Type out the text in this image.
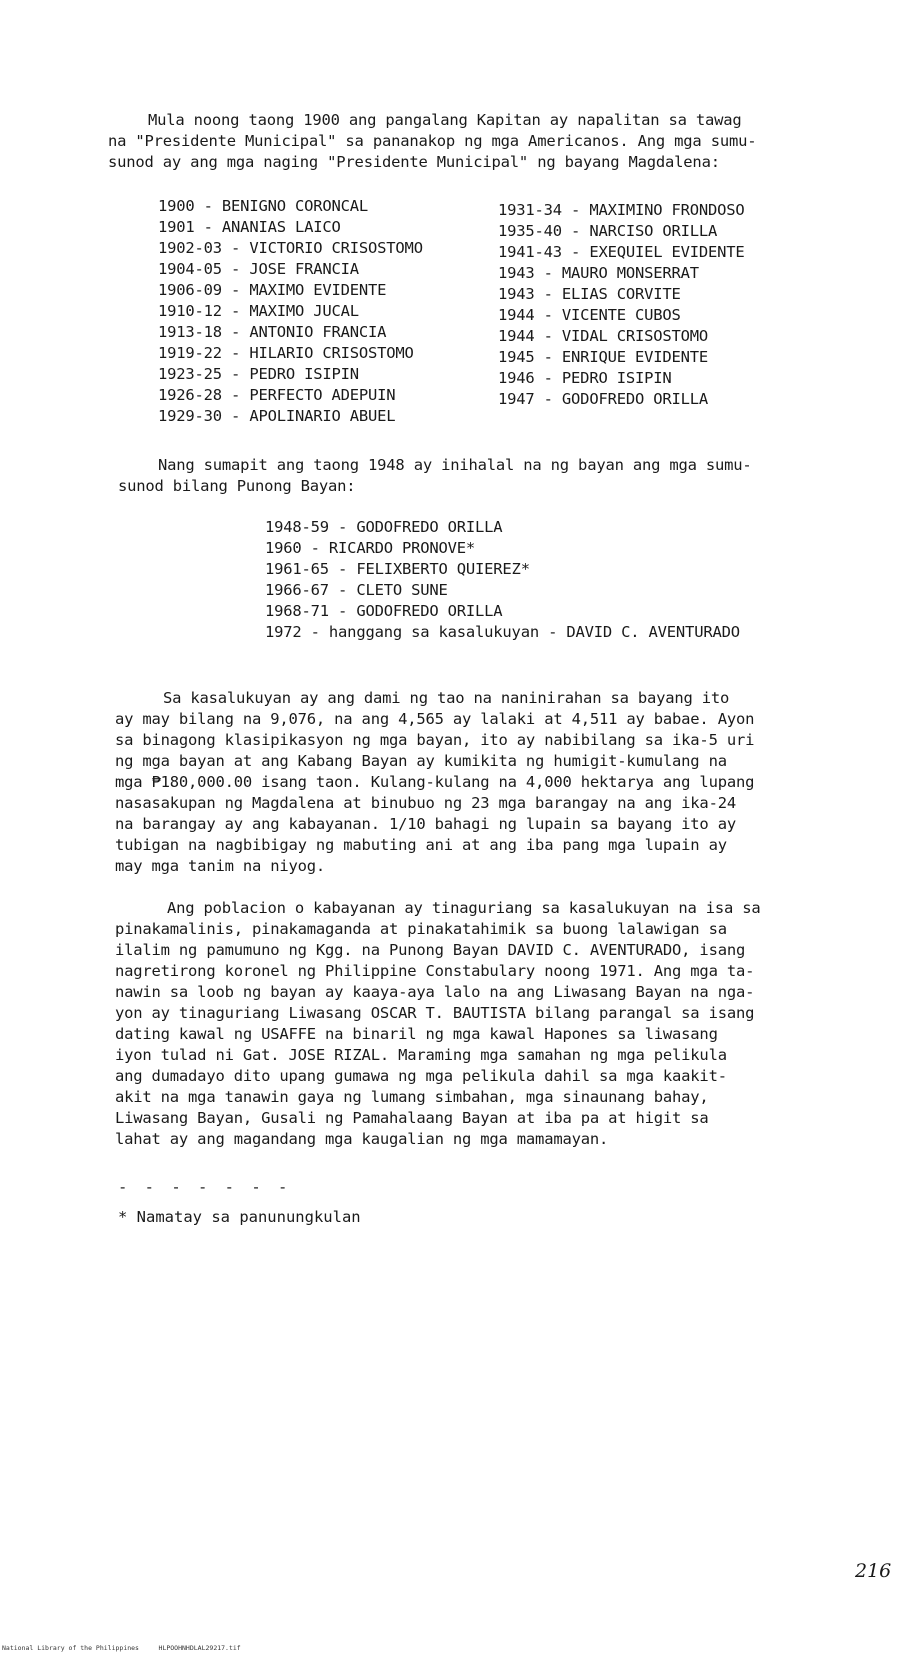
Mula noong taong 1900 ang pangalang Kapitan ay napalitan sa tawag
na "Presidente Municipal" sa pananakop ng mga Americanos. Ang mga sumu-
sunod ay ang mga naging "Presidente Municipal" ng bayang Magdalena:

1900 - BENIGNO CORONCAL
1901 - ANANIAS LAICO
1902-03 - VICTORIO CRISOSTOMO
1904-05 - JOSE FRANCIA
1906-09 - MAXIMO EVIDENTE
1910-12 - MAXIMO JUCAL
1913-18 - ANTONIO FRANCIA
1919-22 - HILARIO CRISOSTOMO
1923-25 - PEDRO ISIPIN
1926-28 - PERFECTO ADEPUIN
1929-30 - APOLINARIO ABUEL
1931-34 - MAXIMINO FRONDOSO
1935-40 - NARCISO ORILLA
1941-43 - EXEQUIEL EVIDENTE
1943 - MAURO MONSERRAT
1943 - ELIAS CORVITE
1944 - VICENTE CUBOS
1944 - VIDAL CRISOSTOMO
1945 - ENRIQUE EVIDENTE
1946 - PEDRO ISIPIN
1947 - GODOFREDO ORILLA

Nang sumapit ang taong 1948 ay inihalal na ng bayan ang mga sumu-
sunod bilang Punong Bayan:

1948-59 - GODOFREDO ORILLA
1960 - RICARDO PRONOVE*
1961-65 - FELIXBERTO QUIEREZ*
1966-67 - CLETO SUNE
1968-71 - GODOFREDO ORILLA
1972 - hanggang sa kasalukuyan - DAVID C. AVENTURADO

Sa kasalukuyan ay ang dami ng tao na naninirahan sa bayang ito
ay may bilang na 9,076, na ang 4,565 ay lalaki at 4,511 ay babae. Ayon
sa binagong klasipikasyon ng mga bayan, ito ay nabibilang sa ika-5 uri
ng mga bayan at ang Kabang Bayan ay kumikita ng humigit-kumulang na
mga ₱180,000.00 isang taon. Kulang-kulang na 4,000 hektarya ang lupang
nasasakupan ng Magdalena at binubuo ng 23 mga barangay na ang ika-24
na barangay ay ang kabayanan. 1/10 bahagi ng lupain sa bayang ito ay
tubigan na nagbibigay ng mabuting ani at ang iba pang mga lupain ay
may mga tanim na niyog.

Ang poblacion o kabayanan ay tinaguriang sa kasalukuyan na isa sa
pinakamalinis, pinakamaganda at pinakatahimik sa buong lalawigan sa
ilalim ng pamumuno ng Kgg. na Punong Bayan DAVID C. AVENTURADO, isang
nagretirong koronel ng Philippine Constabulary noong 1971. Ang mga ta-
nawin sa loob ng bayan ay kaaya-aya lalo na ang Liwasang Bayan na nga-
yon ay tinaguriang Liwasang OSCAR T. BAUTISTA bilang parangal sa isang
dating kawal ng USAFFE na binaril ng mga kawal Hapones sa liwasang
iyon tulad ni Gat. JOSE RIZAL. Maraming mga samahan ng mga pelikula
ang dumadayo dito upang gumawa ng mga pelikula dahil sa mga kaakit-
akit na mga tanawin gaya ng lumang simbahan, mga sinaunang bahay,
Liwasang Bayan, Gusali ng Pamahalaang Bayan at iba pa at higit sa
lahat ay ang magandang mga kaugalian ng mga mamamayan.

- - - - - - -
* Namatay sa panunungkulan
216
National Library of the Philippines     HLPOOHNHDLAL29217.tif
